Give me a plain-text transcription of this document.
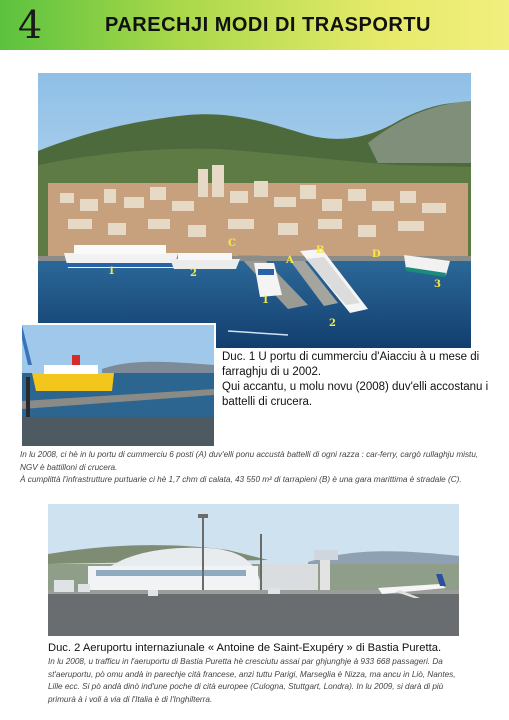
4	PARECHJI MODI DI TRASPORTU
1	2
1
2
3
A
B
C
D
1	Duc. 1 U portu di cummerciu d'Aiacciu à u mese di farraghju di u 2002.

Qui accantu, u molu novu (2008) duv'elli accostanu i battelli di crucera.

In lu 2008, ci hè in lu portu di cummerciu 6 posti (A) duv'elli ponu accustà battelli di ogni razza : car-ferry, cargò rullaghju mistu, NGV è battilloni di crucera.

À cumplittà l'infrastrutture purtuarie ci hè 1,7 chm di calata, 43 550 m² di tarrapieni (B) è una gara marittima è stradale (C).

Duc. 2 Aeruportu internaziunale « Antoine de Saint-Exupéry » di Bastia Puretta.
In lu 2008, u trafficu in l'aeruportu di Bastia Puretta hè cresciutu assai par ghjunghje à 933 668 passageri. Da st'aeruportu, pò omu andà in parechje cità francese, anzi tuttu Parigi, Marseglia è Nizza, ma ancu in Liò, Nantes, Lille ecc. Si pò andà dinò ind'une poche di cità europee (Culogna, Stuttgart, Londra). In lu 2009, si darà di più primurà à i voli à via di l'Italia è di l'Inghilterra.
